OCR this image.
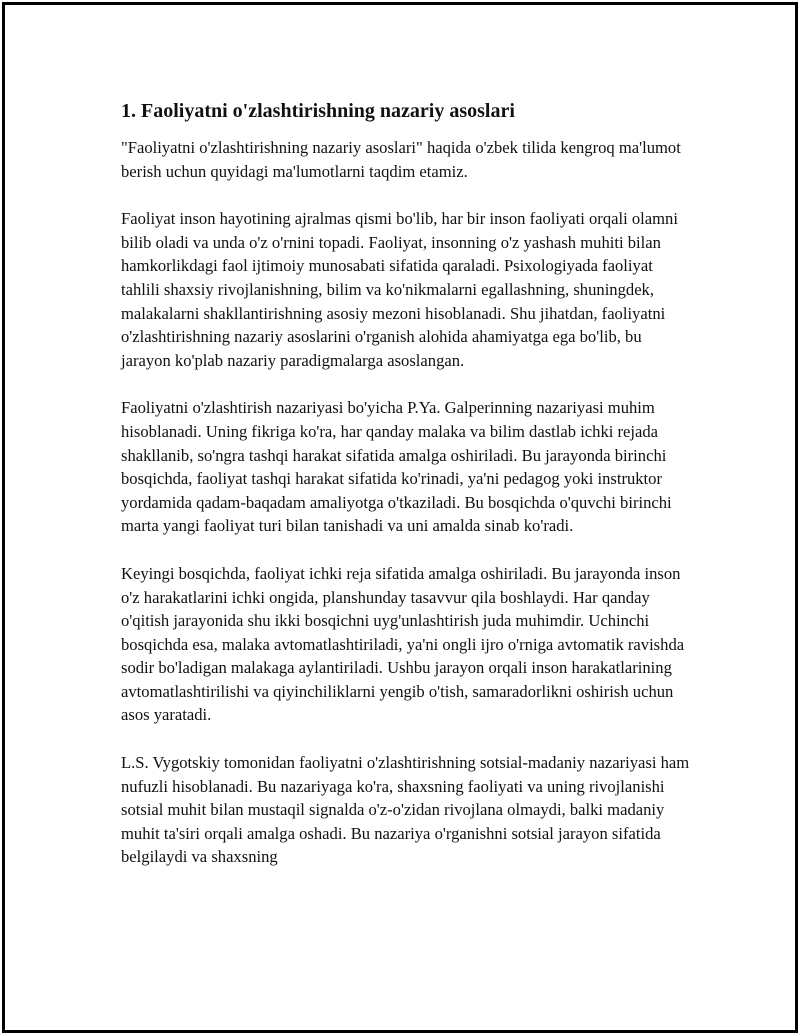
1. Faoliyatni o'zlashtirishning nazariy asoslari

"Faoliyatni o'zlashtirishning nazariy asoslari" haqida o'zbek tilida kengroq ma'lumot berish uchun quyidagi ma'lumotlarni taqdim etamiz.

Faoliyat inson hayotining ajralmas qismi bo'lib, har bir inson faoliyati orqali olamni bilib oladi va unda o'z o'rnini topadi. Faoliyat, insonning o'z yashash muhiti bilan hamkorlikdagi faol ijtimoiy munosabati sifatida qaraladi. Psixologiyada faoliyat tahlili shaxsiy rivojlanishning, bilim va ko'nikmalarni egallashning, shuningdek, malakalarni shakllantirishning asosiy mezoni hisoblanadi. Shu jihatdan, faoliyatni o'zlashtirishning nazariy asoslarini o'rganish alohida ahamiyatga ega bo'lib, bu jarayon ko'plab nazariy paradigmalarga asoslangan.

Faoliyatni o'zlashtirish nazariyasi bo'yicha P.Ya. Galperinning nazariyasi muhim hisoblanadi. Uning fikriga ko'ra, har qanday malaka va bilim dastlab ichki rejada shakllanib, so'ngra tashqi harakat sifatida amalga oshiriladi. Bu jarayonda birinchi bosqichda, faoliyat tashqi harakat sifatida ko'rinadi, ya'ni pedagog yoki instruktor yordamida qadam-baqadam amaliyotga o'tkaziladi. Bu bosqichda o'quvchi birinchi marta yangi faoliyat turi bilan tanishadi va uni amalda sinab ko'radi.

Keyingi bosqichda, faoliyat ichki reja sifatida amalga oshiriladi. Bu jarayonda inson o'z harakatlarini ichki ongida, planshunday tasavvur qila boshlaydi. Har qanday o'qitish jarayonida shu ikki bosqichni uyg'unlashtirish juda muhimdir. Uchinchi bosqichda esa, malaka avtomatlashtiriladi, ya'ni ongli ijro o'rniga avtomatik ravishda sodir bo'ladigan malakaga aylantiriladi. Ushbu jarayon orqali inson harakatlarining avtomatlashtirilishi va qiyinchiliklarni yengib o'tish, samaradorlikni oshirish uchun asos yaratadi.

L.S. Vygotskiy tomonidan faoliyatni o'zlashtirishning sotsial-madaniy nazariyasi ham nufuzli hisoblanadi. Bu nazariyaga ko'ra, shaxsning faoliyati va uning rivojlanishi sotsial muhit bilan mustaqil signalda o'z-o'zidan rivojlana olmaydi, balki madaniy muhit ta'siri orqali amalga oshadi. Bu nazariya o'rganishni sotsial jarayon sifatida belgilaydi va shaxsning
